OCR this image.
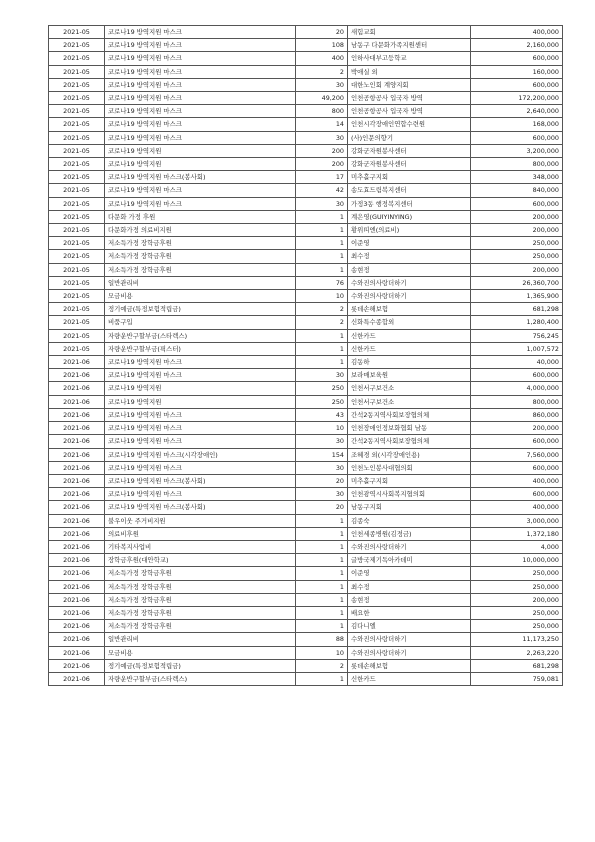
2021-05	코로나19 방역지원 마스크	20	새힘교회	400,000
2021-05	코로나19 방역지원 마스크	108	남동구 다문화가족지원센터	2,160,000
2021-05	코로나19 방역지원 마스크	400	인하사대부고등학교	600,000
2021-05	코로나19 방역지원 마스크	2	박애실 외	160,000
2021-05	코로나19 방역지원 마스크	30	대한노인회 계양지회	600,000
2021-05	코로나19 방역지원 마스크	49,200	인천공항공사 입국자 방역	172,200,000
2021-05	코로나19 방역지원 마스크	800	인천공항공사 입국자 방역	2,640,000
2021-05	코로나19 방역지원 마스크	14	인천시각장애인연합수련원	168,000
2021-05	코로나19 방역지원 마스크	30	(사)인문의향기	600,000
2021-05	코로나19 방역지원	200	강화군자원봉사센터	3,200,000
2021-05	코로나19 방역지원	200	강화군자원봉사센터	800,000
2021-05	코로나19 방역지원 마스크(봉사회)	17	미추홀구지회	348,000
2021-05	코로나19 방역지원 마스크	42	송도효드림복지센터	840,000
2021-05	코로나19 방역지원 마스크	30	가정3동 행정복지센터	600,000
2021-05	다문화 가정 후원	1	계은영(GUIYINYING)	200,000
2021-05	다문화가정 의료비지원	1	황위띠엔(의료비)	200,000
2021-05	저소득가정 장학금후원	1	이준영	250,000
2021-05	저소득가정 장학금후원	1	최수정	250,000
2021-05	저소득가정 장학금후원	1	송현정	200,000
2021-05	일반관리비	76	수와진의사랑더하기	26,360,700
2021-05	모금비용	10	수와진의사랑더하기	1,365,900
2021-05	정기예금(특정보험적립금)	2	롯데손해보험	681,298
2021-05	비품구입	2	신화특수종합외	1,280,400
2021-05	자량운반구할부금(스타렉스)	1	신한카드	756,245
2021-05	자량운반구할부금(픽스터)	1	신한카드	1,007,572
2021-06	코로나19 방역지원 마스크	1	김동하	40,000
2021-06	코로나19 방역지원 마스크	30	보라매보육원	600,000
2021-06	코로나19 방역지원	250	인천서구보건소	4,000,000
2021-06	코로나19 방역지원	250	인천서구보건소	800,000
2021-06	코로나19 방역지원 마스크	43	간석2동지역사회보장협의체	860,000
2021-06	코로나19 방역지원 마스크	10	인천장애인정보화협회 남동	200,000
2021-06	코로나19 방역지원 마스크	30	간석2동지역사회보장협의체	600,000
2021-06	코로나19 방역지원 마스크(시각장애인)	154	조혜경 외(시각장애인용)	7,560,000
2021-06	코로나19 방역지원 마스크	30	인천노인봉사대협의회	600,000
2021-06	코로나19 방역지원 마스크(봉사회)	20	미추홀구지회	400,000
2021-06	코로나19 방역지원 마스크	30	인천광역시사회복지협의회	600,000
2021-06	코로나19 방역지원 마스크(봉사회)	20	남동구지회	400,000
2021-06	불우이웃 주거비지원	1	김종숙	3,000,000
2021-06	의료비후원	1	인천세종병원(김정금)	1,372,180
2021-06	기타복지사업비	1	수와진의사랑더하기	4,000
2021-06	장학금후원(대안학교)	1	글방국제기독아카데미	10,000,000
2021-06	저소득가정 장학금후원	1	이준영	250,000
2021-06	저소득가정 장학금후원	1	최수정	250,000
2021-06	저소득가정 장학금후원	1	송현정	200,000
2021-06	저소득가정 장학금후원	1	배요한	250,000
2021-06	저소득가정 장학금후원	1	김다니엘	250,000
2021-06	일반관리비	88	수와진의사랑더하기	11,173,250
2021-06	모금비용	10	수와진의사랑더하기	2,263,220
2021-06	정기예금(특정보험적립금)	2	롯데손해보험	681,298
2021-06	자량운반구할부금(스타렉스)	1	신한카드	759,081
